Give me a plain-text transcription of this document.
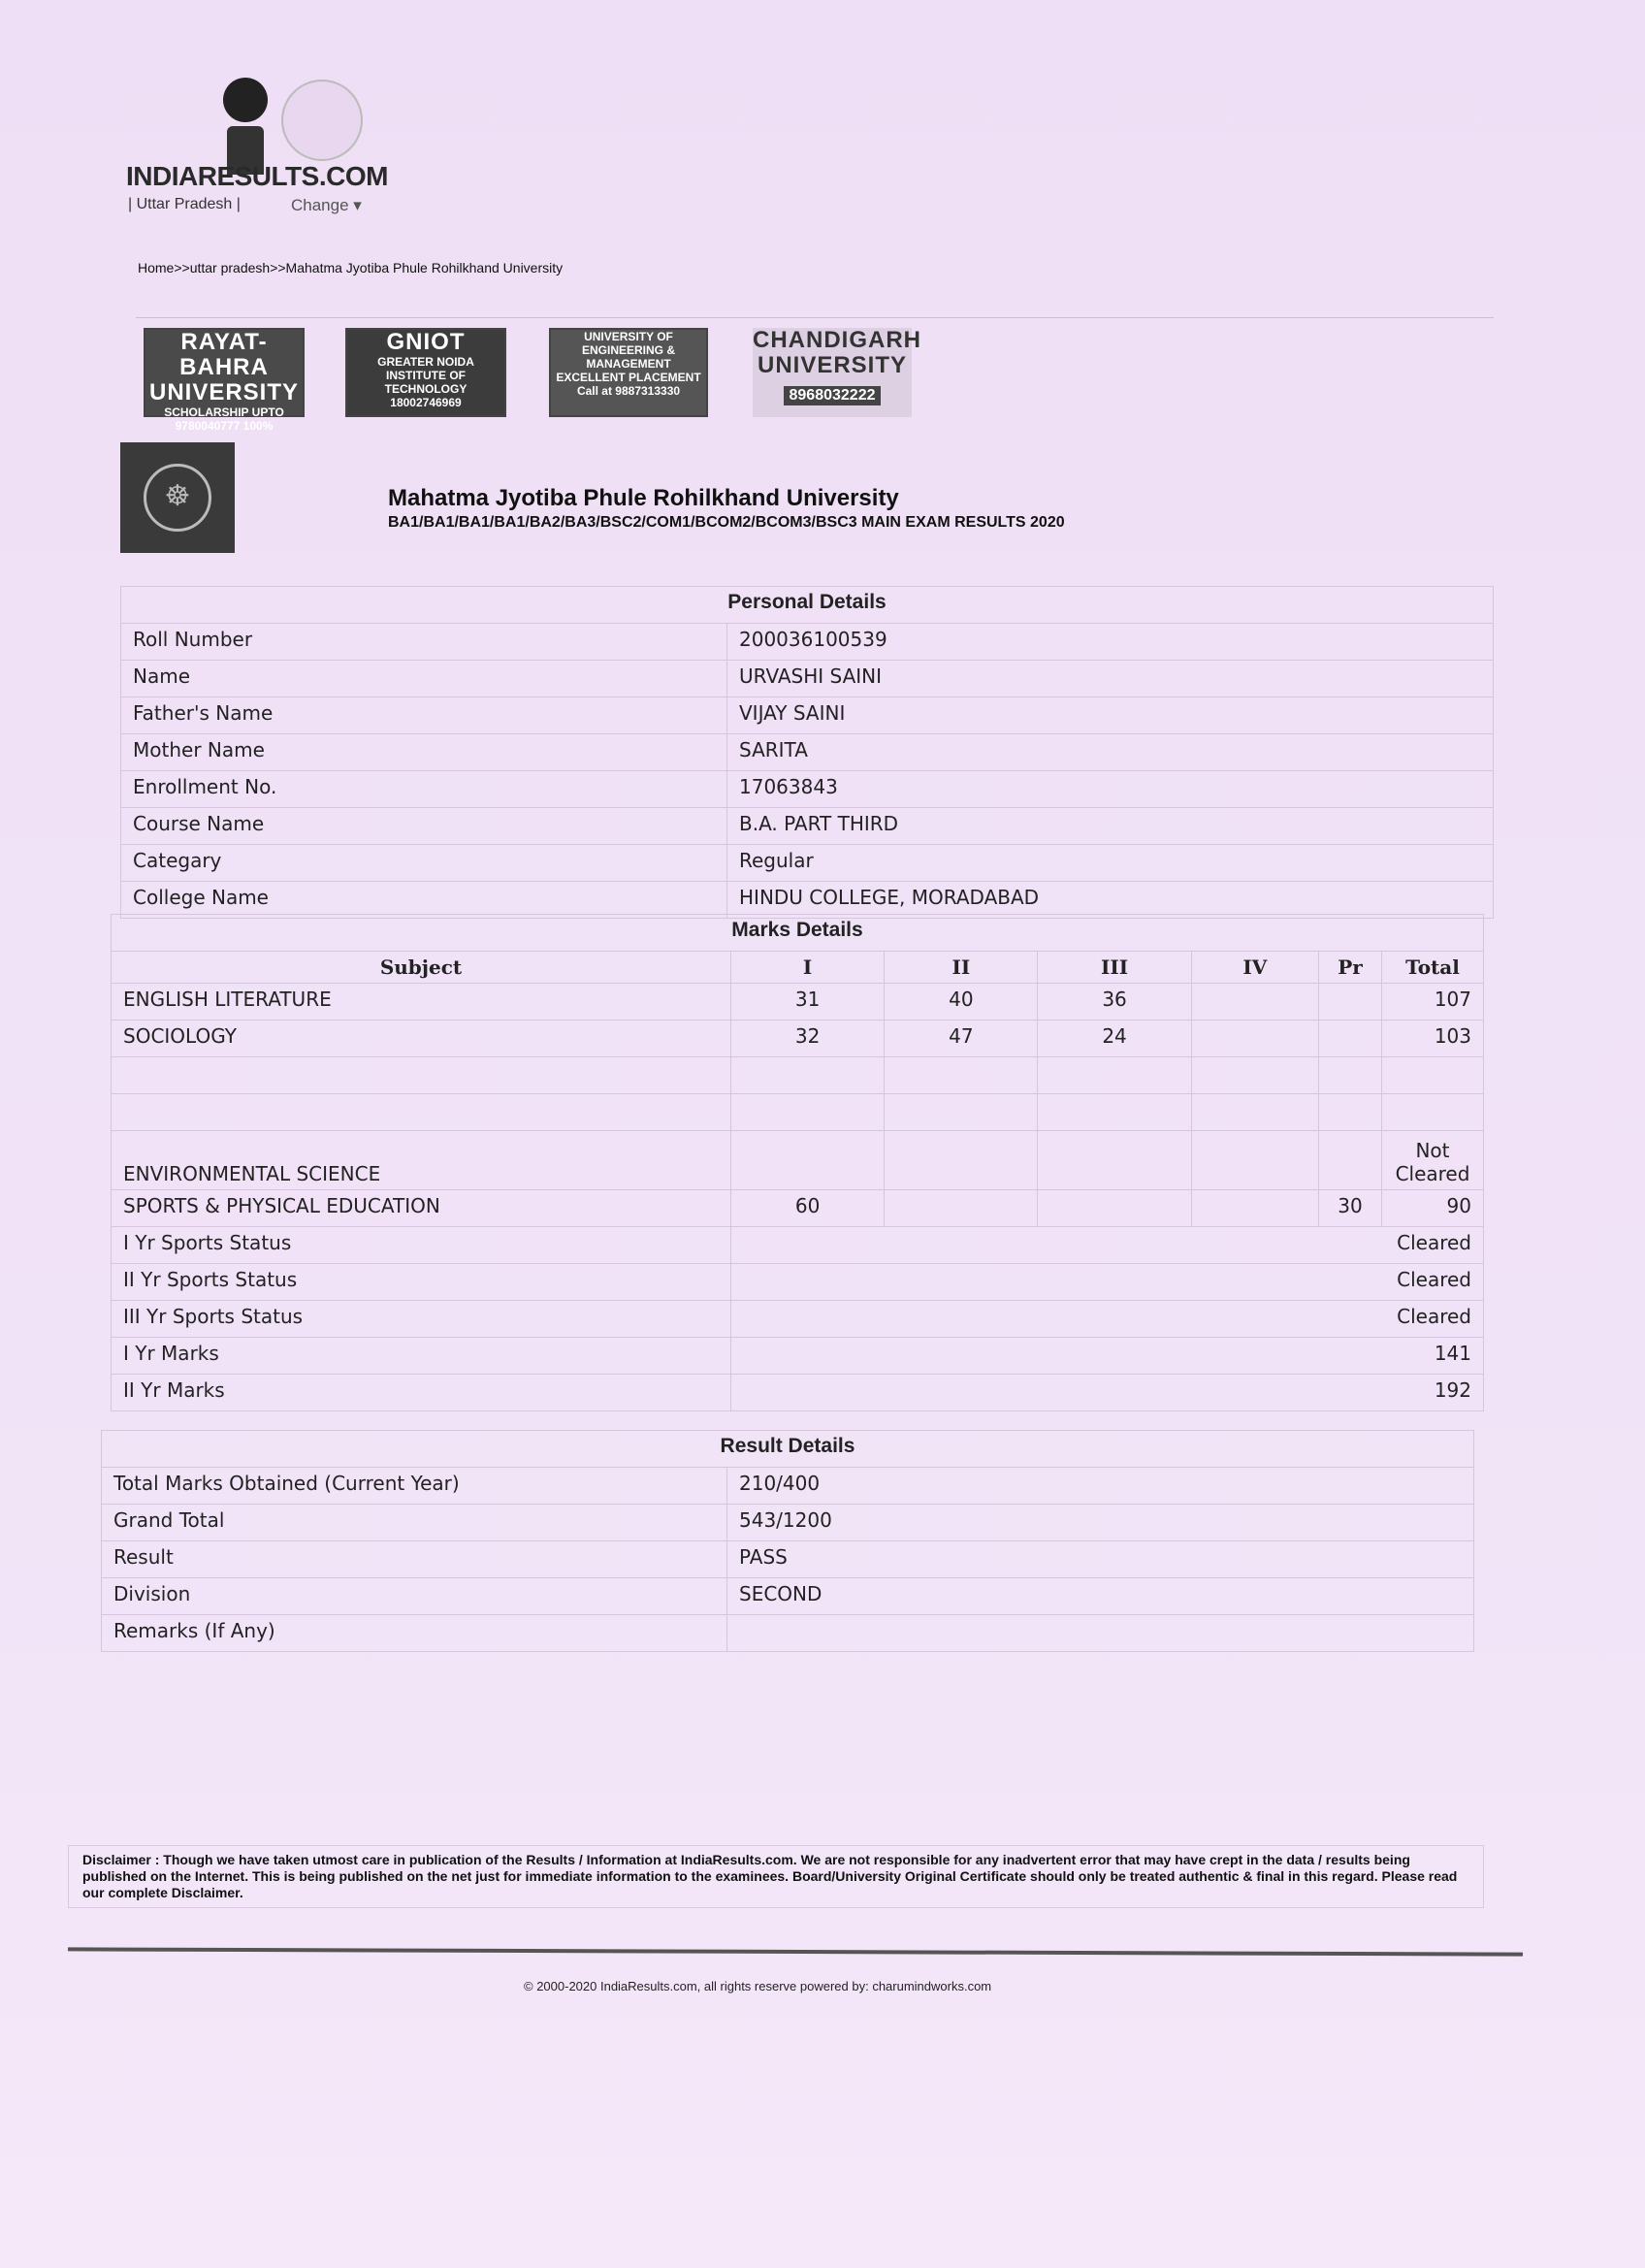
INDIARESULTS.COM
| Uttar Pradesh |	Change ▾
Home>>uttar pradesh>>Mahatma Jyotiba Phule Rohilkhand University
RAYAT-BAHRA
UNIVERSITY
SCHOLARSHIP UPTO
9780040777 100%
GNIOT
GREATER NOIDA
INSTITUTE OF TECHNOLOGY
18002746969
UNIVERSITY OF
ENGINEERING & MANAGEMENT
EXCELLENT PLACEMENT
Call at 9887313330
CHANDIGARH
UNIVERSITY
8968032222
☸	Mahatma Jyotiba Phule Rohilkhand University
BA1/BA1/BA1/BA1/BA2/BA3/BSC2/COM1/BCOM2/BCOM3/BSC3 MAIN EXAM RESULTS 2020
Personal Details	
Roll Number	200036100539
Name	URVASHI SAINI
Father's Name	VIJAY SAINI
Mother Name	SARITA
Enrollment No.	17063843
Course Name	B.A. PART THIRD
Categary	Regular
College Name	HINDU COLLEGE, MORADABAD
Marks Details						
Subject	I	II	III	IV	Pr	Total
ENGLISH LITERATURE	31	40	36			107
SOCIOLOGY	32	47	24			103

ENVIRONMENTAL SCIENCE						Not Cleared
SPORTS & PHYSICAL EDUCATION	60				30	90
I Yr Sports Status	Cleared					
II Yr Sports Status	Cleared					
III Yr Sports Status	Cleared					
I Yr Marks	141					
II Yr Marks	192					
Result Details	
Total Marks Obtained (Current Year)	210/400
Grand Total	543/1200
Result	PASS
Division	SECOND
Remarks (If Any)	
Disclaimer : Though we have taken utmost care in publication of the Results / Information at IndiaResults.com. We are not responsible for any inadvertent error that may have crept in the data / results being published on the Internet. This is being published on the net just for immediate information to the examinees. Board/University Original Certificate should only be treated authentic & final in this regard. Please read our complete Disclaimer.
© 2000-2020 IndiaResults.com, all rights reserve powered by: charumindworks.com
